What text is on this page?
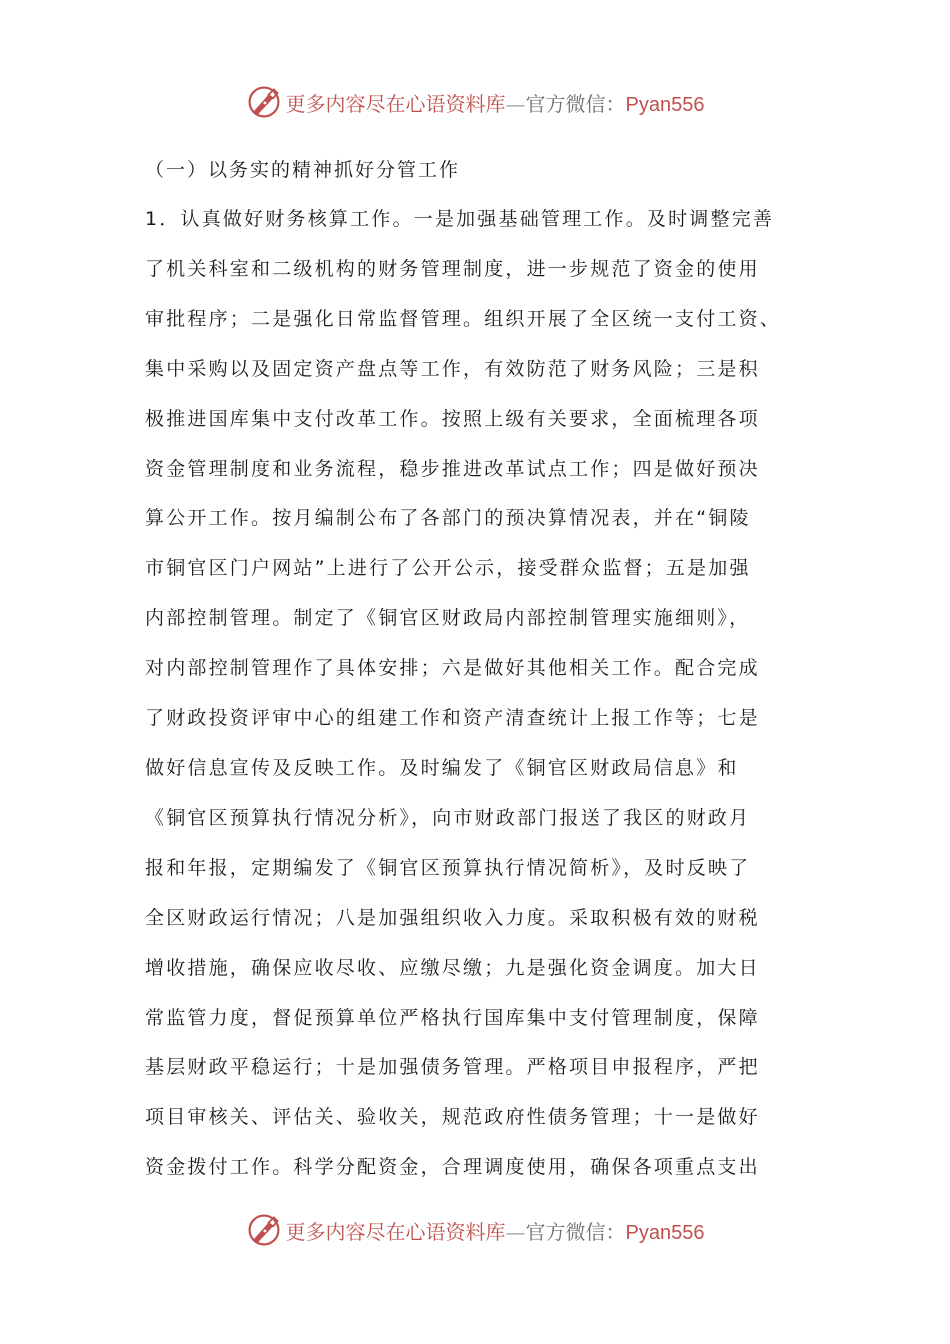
更多内容尽在心语资料库—官方微信：Pyan556
（一）以务实的精神抓好分管工作
1．认真做好财务核算工作。一是加强基础管理工作。及时调整完善
了机关科室和二级机构的财务管理制度，进一步规范了资金的使用
审批程序；二是强化日常监督管理。组织开展了全区统一支付工资、
集中采购以及固定资产盘点等工作，有效防范了财务风险；三是积
极推进国库集中支付改革工作。按照上级有关要求，全面梳理各项
资金管理制度和业务流程，稳步推进改革试点工作；四是做好预决
算公开工作。按月编制公布了各部门的预决算情况表，并在“铜陵
市铜官区门户网站”上进行了公开公示，接受群众监督；五是加强
内部控制管理。制定了《铜官区财政局内部控制管理实施细则》，
对内部控制管理作了具体安排；六是做好其他相关工作。配合完成
了财政投资评审中心的组建工作和资产清查统计上报工作等；七是
做好信息宣传及反映工作。及时编发了《铜官区财政局信息》和
《铜官区预算执行情况分析》，向市财政部门报送了我区的财政月
报和年报，定期编发了《铜官区预算执行情况简析》，及时反映了
全区财政运行情况；八是加强组织收入力度。采取积极有效的财税
增收措施，确保应收尽收、应缴尽缴；九是强化资金调度。加大日
常监管力度，督促预算单位严格执行国库集中支付管理制度，保障
基层财政平稳运行；十是加强债务管理。严格项目申报程序，严把
项目审核关、评估关、验收关，规范政府性债务管理；十一是做好
资金拨付工作。科学分配资金，合理调度使用，确保各项重点支出
更多内容尽在心语资料库—官方微信：Pyan556
